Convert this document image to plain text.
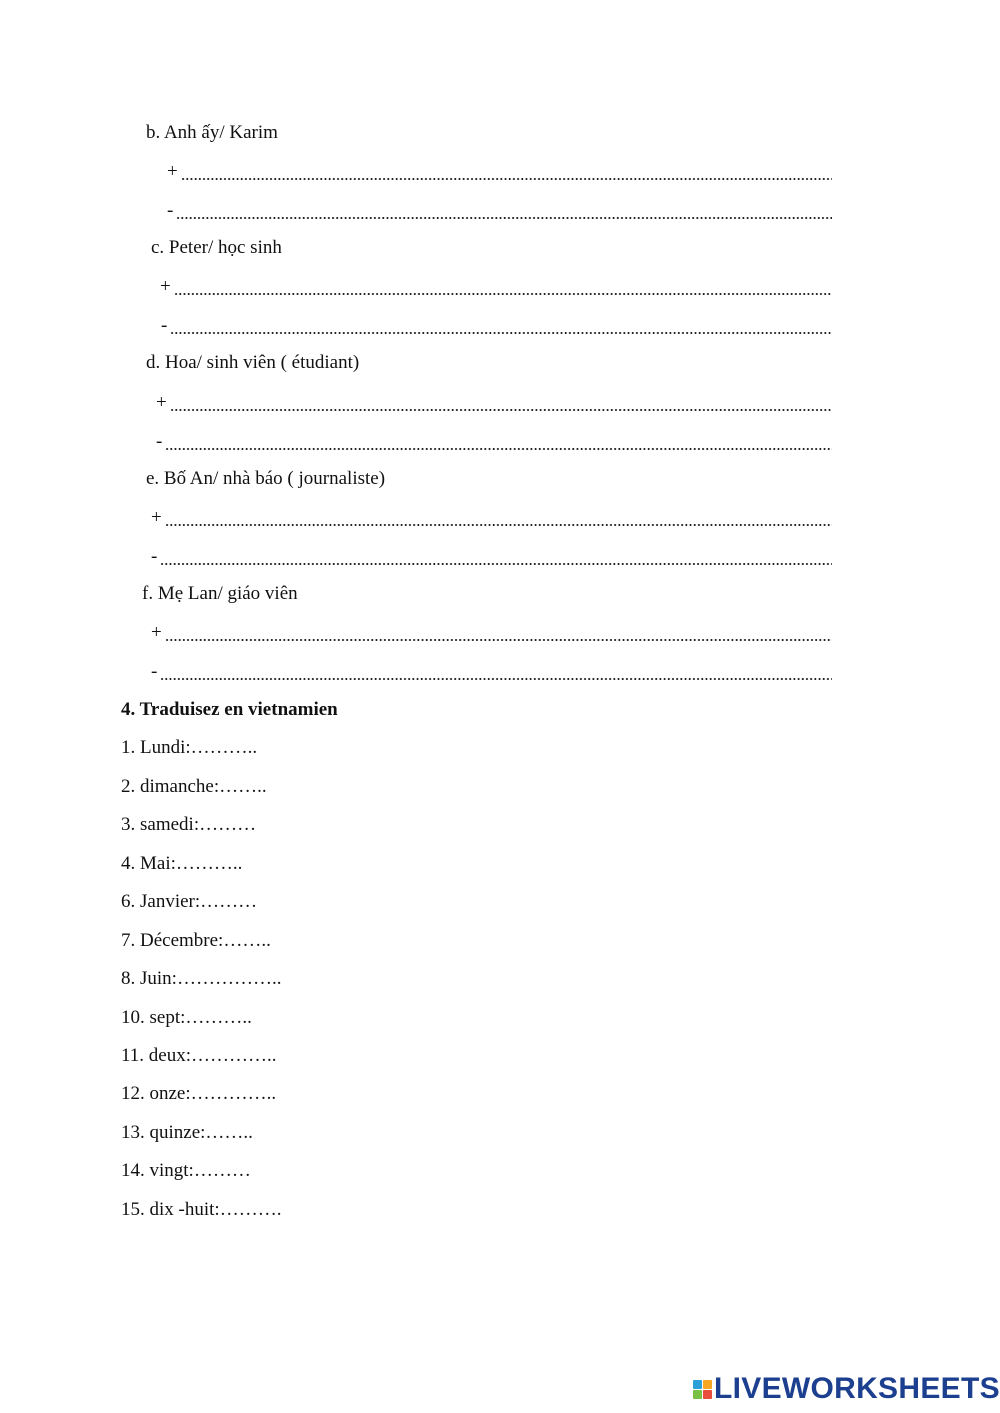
b. Anh ấy/ Karim
+
-
c. Peter/ học sinh
+
-
d. Hoa/ sinh viên ( étudiant)
+
-
e. Bố An/ nhà báo ( journaliste)
+
-
f. Mẹ Lan/ giáo viên
+
-
4. Traduisez en vietnamien
1. Lundi:………..
2. dimanche:……..
3. samedi:………
4. Mai:………..
6. Janvier:………
7. Décembre:……..
8. Juin:……………..
10. sept:………..
11. deux:…………..
12. onze:…………..
13. quinze:……..
14. vingt:………
15. dix -huit:……….
LIVEWORKSHEETS
